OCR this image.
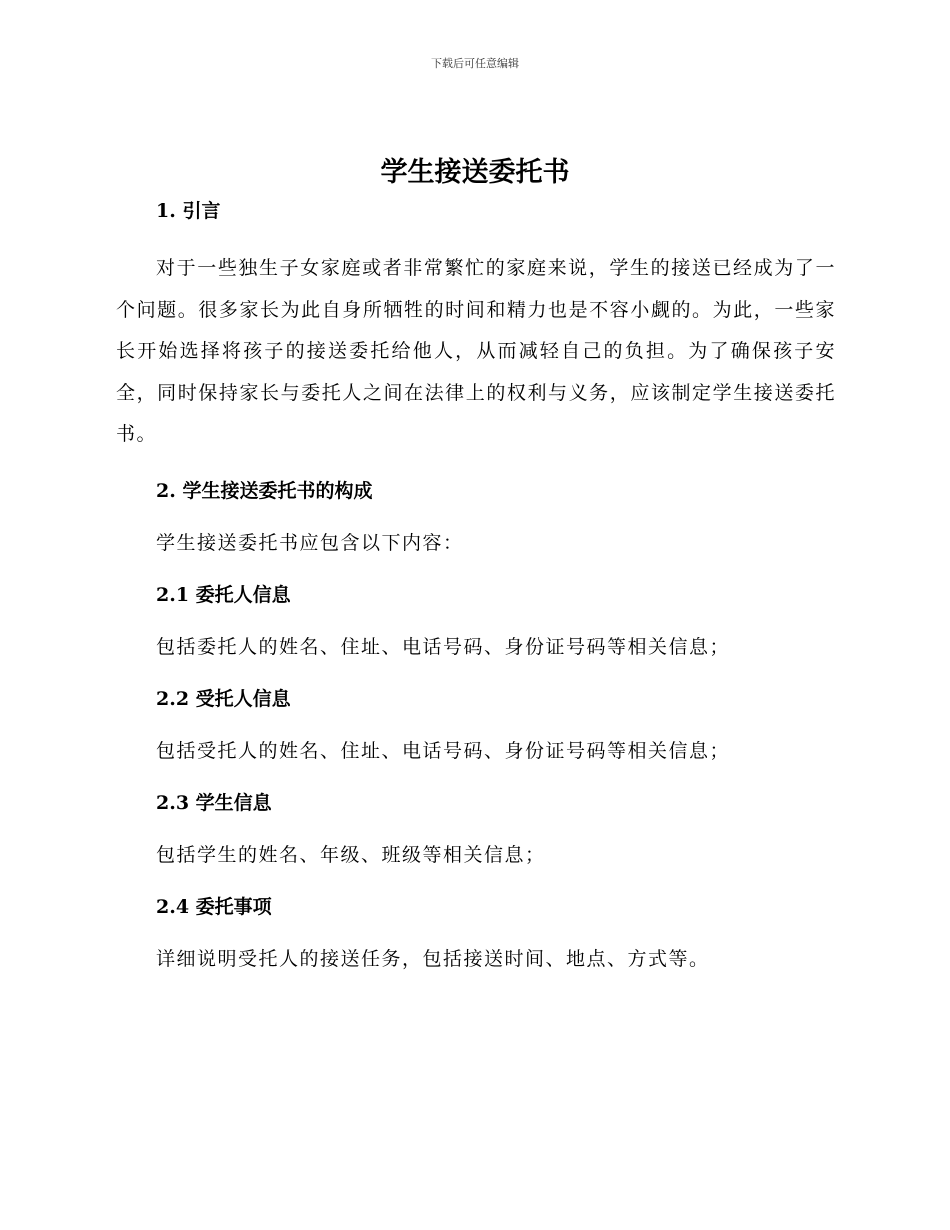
下载后可任意编辑
学生接送委托书
1. 引言

对于一些独生子女家庭或者非常繁忙的家庭来说，学生的接送已经成为了一个问题。很多家长为此自身所牺牲的时间和精力也是不容小觑的。为此，一些家长开始选择将孩子的接送委托给他人，从而减轻自己的负担。为了确保孩子安全，同时保持家长与委托人之间在法律上的权利与义务，应该制定学生接送委托书。

2. 学生接送委托书的构成

学生接送委托书应包含以下内容：

2.1 委托人信息

包括委托人的姓名、住址、电话号码、身份证号码等相关信息；

2.2 受托人信息

包括受托人的姓名、住址、电话号码、身份证号码等相关信息；

2.3 学生信息

包括学生的姓名、年级、班级等相关信息；

2.4 委托事项

详细说明受托人的接送任务，包括接送时间、地点、方式等。
